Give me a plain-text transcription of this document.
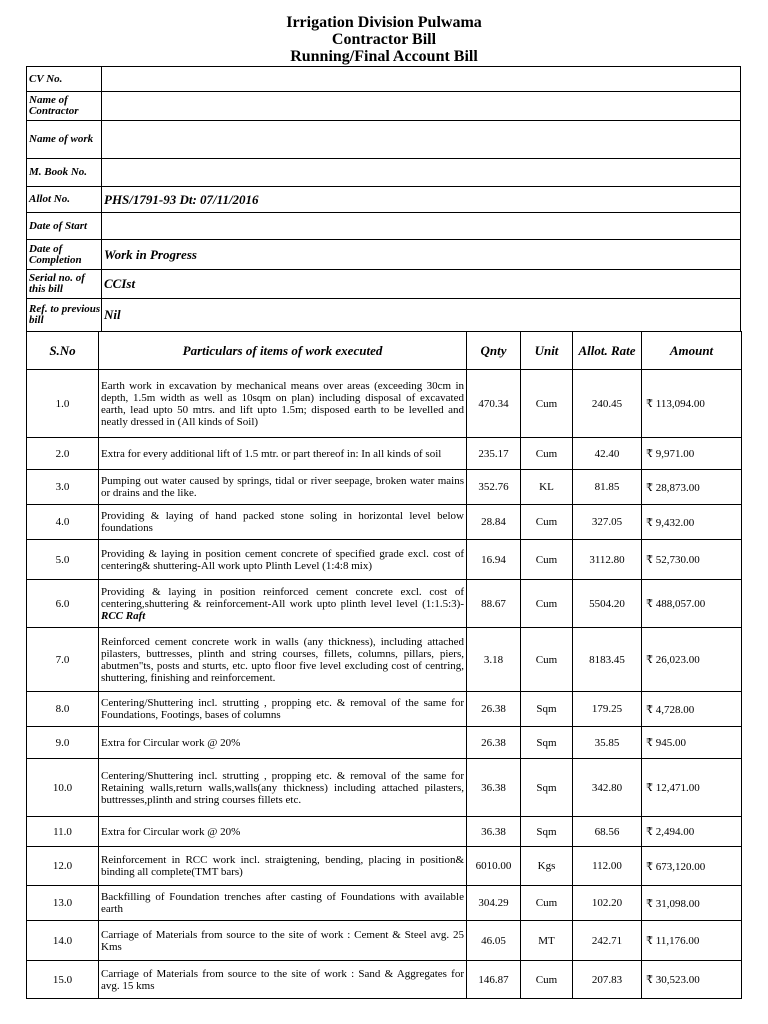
Irrigation Division Pulwama
Contractor Bill
Running/Final Account Bill
CV No.	
Name of Contractor	
Name of work	
M. Book No.	
Allot No.	PHS/1791-93 Dt: 07/11/2016
Date of Start	
Date of Completion	Work in Progress
Serial no. of this bill	CCIst
Ref. to previous bill	Nil
S.No	Particulars of items of work executed	Qnty	Unit	Allot. Rate	Amount
1.0	Earth work in excavation by mechanical means over areas (exceeding 30cm in depth, 1.5m width as well as 10sqm on plan) including disposal of excavated earth, lead upto 50 mtrs. and lift upto 1.5m; disposed earth to be levelled and neatly dressed in (All kinds of Soil)	470.34	Cum	240.45	₹ 113,094.00
2.0	Extra for every additional lift of 1.5 mtr. or part thereof in: In all kinds of soil	235.17	Cum	42.40	₹ 9,971.00
3.0	Pumping out water caused by springs, tidal or river seepage, broken water mains or drains and the like.	352.76	KL	81.85	₹ 28,873.00
4.0	Providing & laying of hand packed stone soling in horizontal level below foundations	28.84	Cum	327.05	₹ 9,432.00
5.0	Providing & laying in position cement concrete of specified grade excl. cost of centering& shuttering-All work upto Plinth Level (1:4:8 mix)	16.94	Cum	3112.80	₹ 52,730.00
6.0	Providing & laying in position reinforced cement concrete excl. cost of centering,shuttering & reinforcement-All work upto plinth level level (1:1.5:3)-RCC Raft	88.67	Cum	5504.20	₹ 488,057.00
7.0	Reinforced cement concrete work in walls (any thickness), including attached pilasters, buttresses, plinth and string courses, fillets, columns, pillars, piers, abutmen"ts, posts and sturts, etc. upto floor five level excluding cost of centring, shuttering, finishing and reinforcement.	3.18	Cum	8183.45	₹ 26,023.00
8.0	Centering/Shuttering incl. strutting , propping etc. & removal of the same for Foundations, Footings, bases of columns	26.38	Sqm	179.25	₹ 4,728.00
9.0	Extra for Circular work @ 20%	26.38	Sqm	35.85	₹ 945.00
10.0	Centering/Shuttering incl. strutting , propping etc. & removal of the same for Retaining walls,return walls,walls(any thickness) including attached pilasters, buttresses,plinth and string courses fillets etc.	36.38	Sqm	342.80	₹ 12,471.00
11.0	Extra for Circular work @ 20%	36.38	Sqm	68.56	₹ 2,494.00
12.0	Reinforcement in RCC work incl. straigtening, bending, placing in position& binding all complete(TMT bars)	6010.00	Kgs	112.00	₹ 673,120.00
13.0	Backfilling of Foundation trenches after casting of Foundations with available earth	304.29	Cum	102.20	₹ 31,098.00
14.0	Carriage of Materials from source to the site of work : Cement & Steel avg. 25 Kms	46.05	MT	242.71	₹ 11,176.00
15.0	Carriage of Materials from source to the site of work : Sand & Aggregates for avg. 15 kms	146.87	Cum	207.83	₹ 30,523.00
